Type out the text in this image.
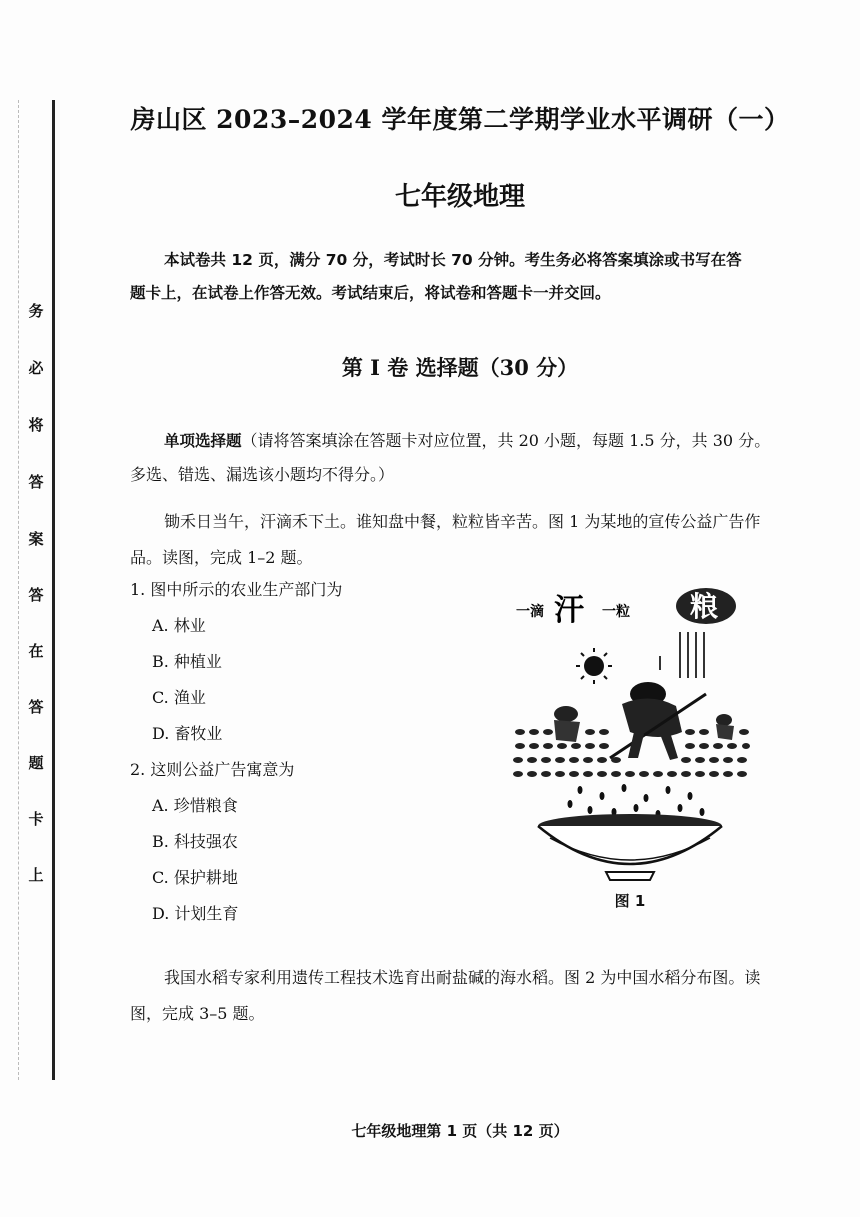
务
必
将
答
案
答
在
答
题
卡
上
房山区 2023–2024 学年度第二学期学业水平调研（一）
七年级地理
本试卷共 12 页，满分 70 分，考试时长 70 分钟。考生务必将答案填涂或书写在答
题卡上，在试卷上作答无效。考试结束后，将试卷和答题卡一并交回。
第 I 卷 选择题（30 分）
单项选择题（请将答案填涂在答题卡对应位置，共 20 小题，每题 1.5 分，共 30 分。
多选、错选、漏选该小题均不得分。）
锄禾日当午，汗滴禾下土。谁知盘中餐，粒粒皆辛苦。图 1 为某地的宣传公益广告作
品。读图，完成 1–2 题。
1. 图中所示的农业生产部门为
A. 林业
B. 种植业
C. 渔业
D. 畜牧业
2. 这则公益广告寓意为
A. 珍惜粮食
B. 科技强农
C. 保护耕地
D. 计划生育
一滴 汗 一粒 粮
图 1
我国水稻专家利用遗传工程技术选育出耐盐碱的海水稻。图 2 为中国水稻分布图。读
图，完成 3–5 题。
七年级地理第 1 页（共 12 页）
